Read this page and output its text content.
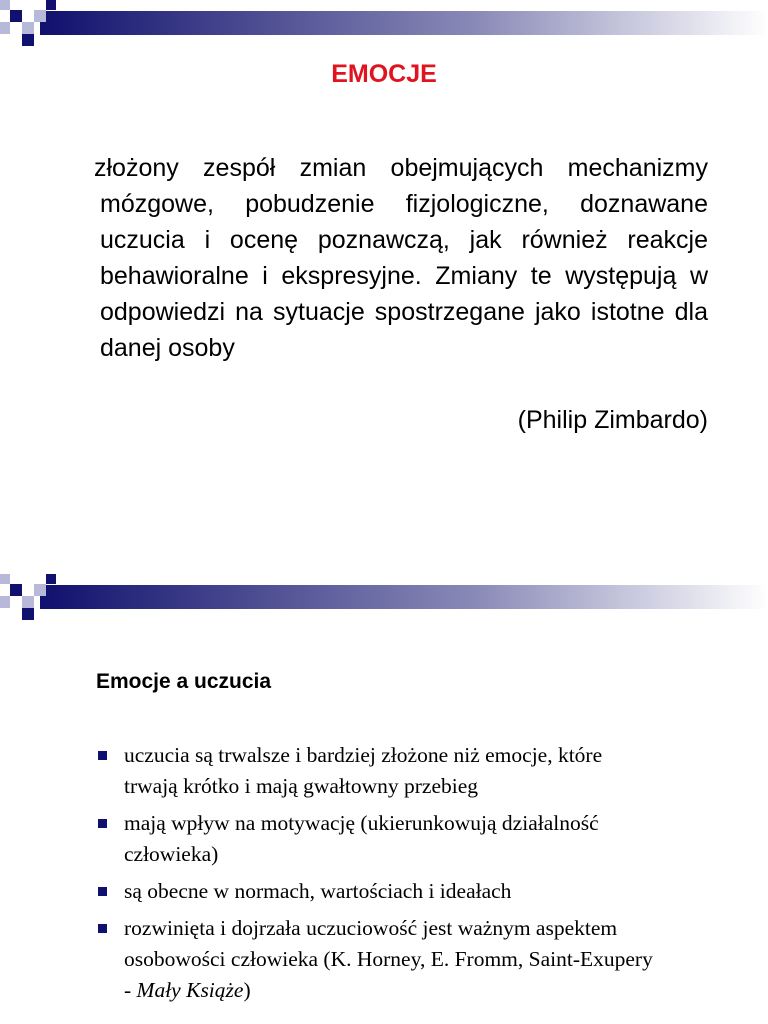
EMOCJE
złożony zespół zmian obejmujących mechanizmy mózgowe, pobudzenie fizjologiczne, doznawane uczucia i ocenę poznawczą, jak również reakcje behawioralne i ekspresyjne. Zmiany te występują w odpowiedzi na sytuacje spostrzegane jako istotne dla danej osoby
(Philip Zimbardo)
Emocje a uczucia
uczucia są trwalsze i bardziej złożone niż emocje, które trwają krótko i mają gwałtowny przebieg
mają wpływ na motywację (ukierunkowują działalność człowieka)
są obecne w normach, wartościach i ideałach
rozwinięta i dojrzała uczuciowość jest ważnym aspektem osobowości człowieka (K. Horney, E. Fromm, Saint-Exupery - Mały Książe)
